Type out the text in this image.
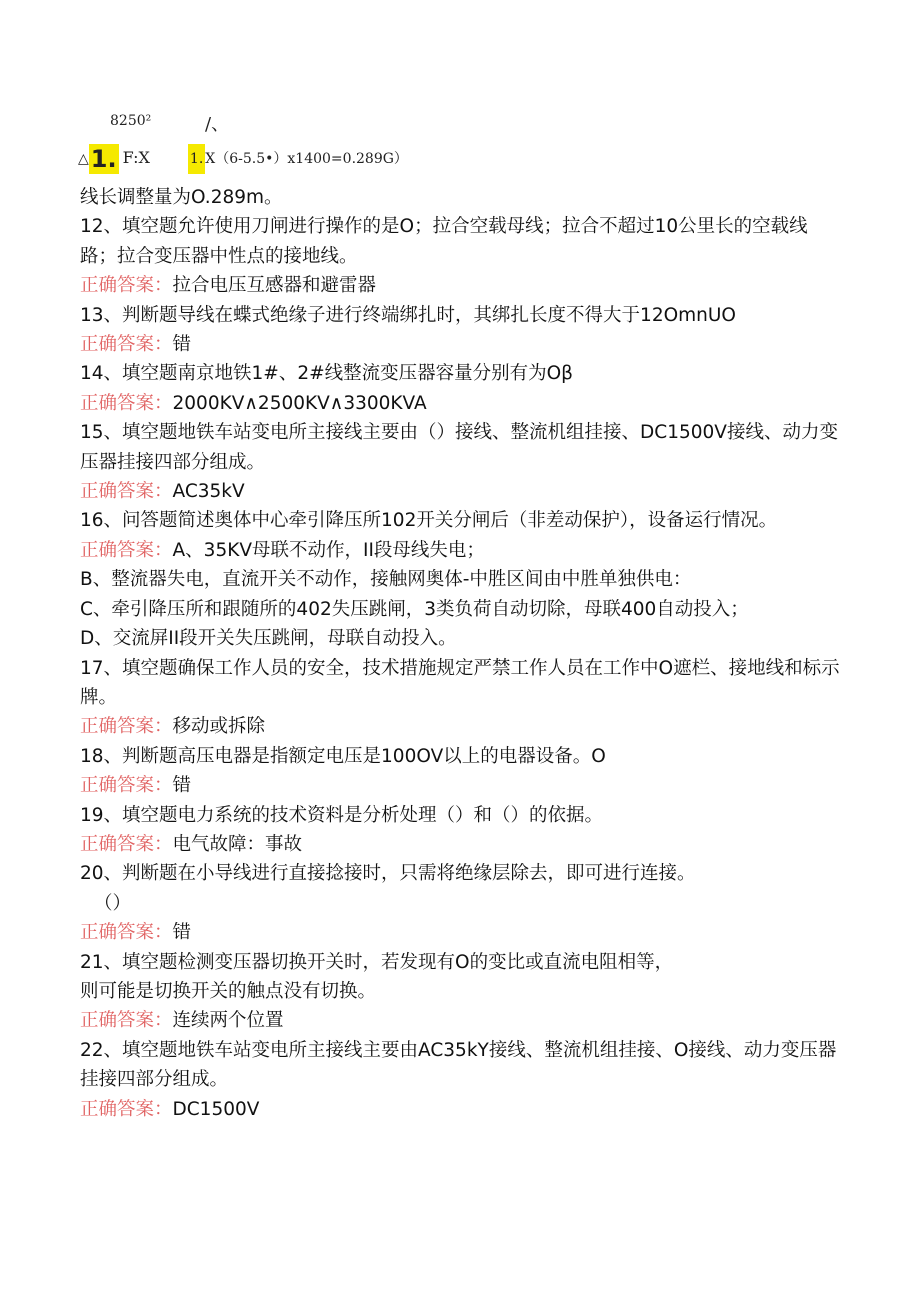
8250²	/、
△1. F:X	1. X（6-5.5•）x1400=0.289G）

线长调整量为O.289m。

12、填空题允许使用刀闸进行操作的是O；拉合空载母线；拉合不超过10公里长的空载线路；拉合变压器中性点的接地线。

正确答案：拉合电压互感器和避雷器

13、判断题导线在蝶式绝缘子进行终端绑扎时，其绑扎长度不得大于12OmnUO

正确答案：错

14、填空题南京地铁1#、2#线整流变压器容量分别有为Oβ

正确答案：2000KV∧2500KV∧3300KVA

15、填空题地铁车站变电所主接线主要由（）接线、整流机组挂接、DC1500V接线、动力变压器挂接四部分组成。

正确答案：AC35kV

16、问答题简述奥体中心牵引降压所102开关分闸后（非差动保护），设备运行情况。

正确答案：A、35KV母联不动作，II段母线失电；

B、整流器失电，直流开关不动作，接触网奥体-中胜区间由中胜单独供电：

C、牵引降压所和跟随所的402失压跳闸，3类负荷自动切除，母联400自动投入；

D、交流屏II段开关失压跳闸，母联自动投入。

17、填空题确保工作人员的安全，技术措施规定严禁工作人员在工作中O遮栏、接地线和标示牌。

正确答案：移动或拆除

18、判断题高压电器是指额定电压是100OV以上的电器设备。O

正确答案：错

19、填空题电力系统的技术资料是分析处理（）和（）的依据。

正确答案：电气故障：事故

20、判断题在小导线进行直接捻接时，只需将绝缘层除去，即可进行连接。

（）

正确答案：错

21、填空题检测变压器切换开关时，若发现有O的变比或直流电阻相等，

则可能是切换开关的触点没有切换。

正确答案：连续两个位置

22、填空题地铁车站变电所主接线主要由AC35kY接线、整流机组挂接、O接线、动力变压器挂接四部分组成。

正确答案：DC1500V
